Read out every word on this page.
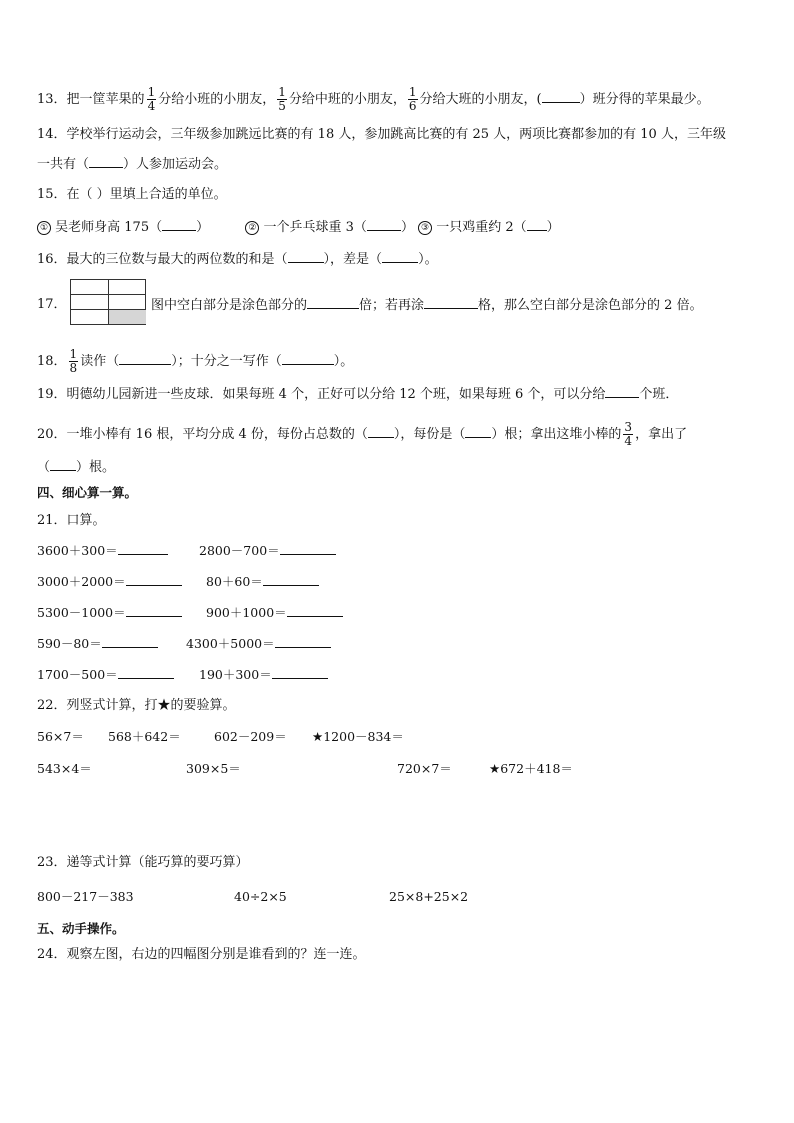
13．把一筐苹果的 $\frac{1}{4}$ 分给小班的小朋友， $\frac{1}{5}$ 分给中班的小朋友， $\frac{1}{6}$ 分给大班的小朋友，(	）班分得的苹果最少。
14．学校举行运动会，三年级参加跳远比赛的有 18 人，参加跳高比赛的有 25 人，两项比赛都参加的有 10 人，三年级
一共有（	）人参加运动会。
15．在（ ）里填上合适的单位。
① 吴老师身高 175（	）	② 一个乒乓球重 3（	） ③ 一只鸡重约 2（ ）
16．最大的三位数与最大的两位数的和是（	），差是（	）。
17．	图中空白部分是涂色部分的	倍；若再涂	格，那么空白部分是涂色部分的 2 倍。
18． $\frac{1}{8}$ 读作（	）；十分之一写作（	）。
19．明德幼儿园新进一些皮球．如果每班 4 个，正好可以分给 12 个班，如果每班 6 个，可以分给	个班．
20．一堆小棒有 16 根，平均分成 4 份，每份占总数的（ ），每份是（ ）根；拿出这堆小棒的 $\frac{3}{4}$ ，拿出了
（ ）根。
四、细心算一算。
21．口算。
3600＋300＝	2800－700＝
3000＋2000＝	80＋60＝
5300－1000＝	900＋1000＝
590－80＝	4300＋5000＝
1700－500＝	190＋300＝
22．列竖式计算，打★的要验算。
56×7＝ 568＋642＝	602－209＝ ★1200－834＝
543×4＝	309×5＝	720×7＝	★672＋418＝
23．递等式计算（能巧算的要巧算）
800－217－383	40÷2×5	25×8+25×2
五、动手操作。
24．观察左图，右边的四幅图分别是谁看到的？连一连。
